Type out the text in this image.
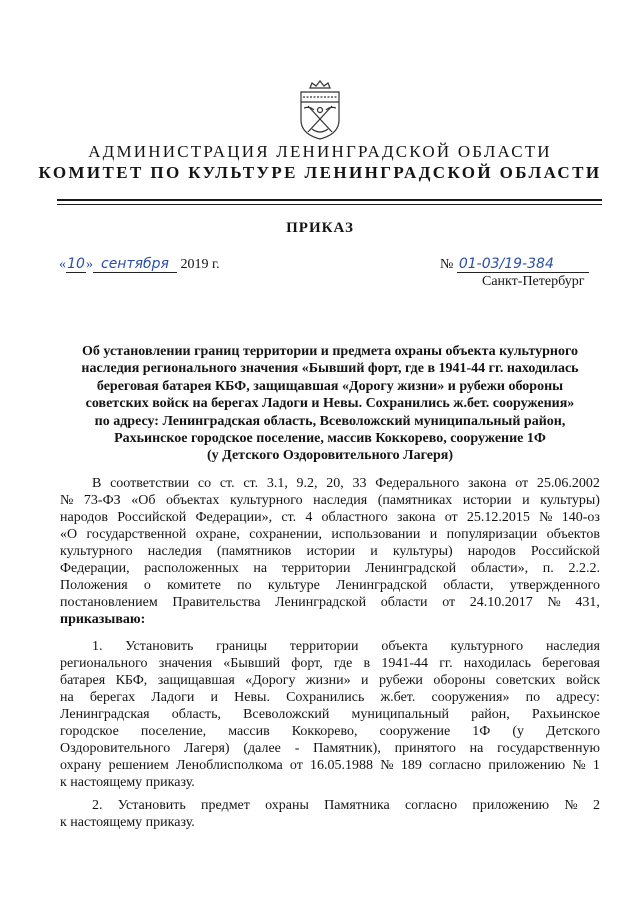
АДМИНИСТРАЦИЯ ЛЕНИНГРАДСКОЙ ОБЛАСТИ
КОМИТЕТ ПО КУЛЬТУРЕ ЛЕНИНГРАДСКОЙ ОБЛАСТИ
ПРИКАЗ
«10» сентября 2019 г.	№ 01-03/19-384
Санкт-Петербург
Об установлении границ территории и предмета охраны объекта культурного
наследия регионального значения «Бывший форт, где в 1941-44 гг. находилась
береговая батарея КБФ, защищавшая «Дорогу жизни» и рубежи обороны
советских войск на берегах Ладоги и Невы. Сохранились ж.бет. сооружения»
по адресу: Ленинградская область, Всеволожский муниципальный район,
Рахьинское городское поселение, массив Коккорево, сооружение 1Ф
(у Детского Оздоровительного Лагеря)
В соответствии со ст. ст. 3.1, 9.2, 20, 33 Федерального закона от 25.06.2002
№ 73-ФЗ «Об объектах культурного наследия (памятниках истории и культуры)
народов Российской Федерации», ст. 4 областного закона от 25.12.2015 № 140-оз
«О государственной охране, сохранении, использовании и популяризации объектов
культурного наследия (памятников истории и культуры) народов Российской
Федерации, расположенных на территории Ленинградской области», п. 2.2.2.
Положения о комитете по культуре Ленинградской области, утвержденного
постановлением Правительства Ленинградской области от 24.10.2017 № 431,
приказываю:
1. Установить границы территории объекта культурного наследия
регионального значения «Бывший форт, где в 1941-44 гг. находилась береговая
батарея КБФ, защищавшая «Дорогу жизни» и рубежи обороны советских войск
на берегах Ладоги и Невы. Сохранились ж.бет. сооружения» по адресу:
Ленинградская область, Всеволожский муниципальный район, Рахьинское
городское поселение, массив Коккорево, сооружение 1Ф (у Детского
Оздоровительного Лагеря) (далее - Памятник), принятого на государственную
охрану решением Леноблисполкома от 16.05.1988 № 189 согласно приложению № 1
к настоящему приказу.
2. Установить предмет охраны Памятника согласно приложению № 2
к настоящему приказу.
